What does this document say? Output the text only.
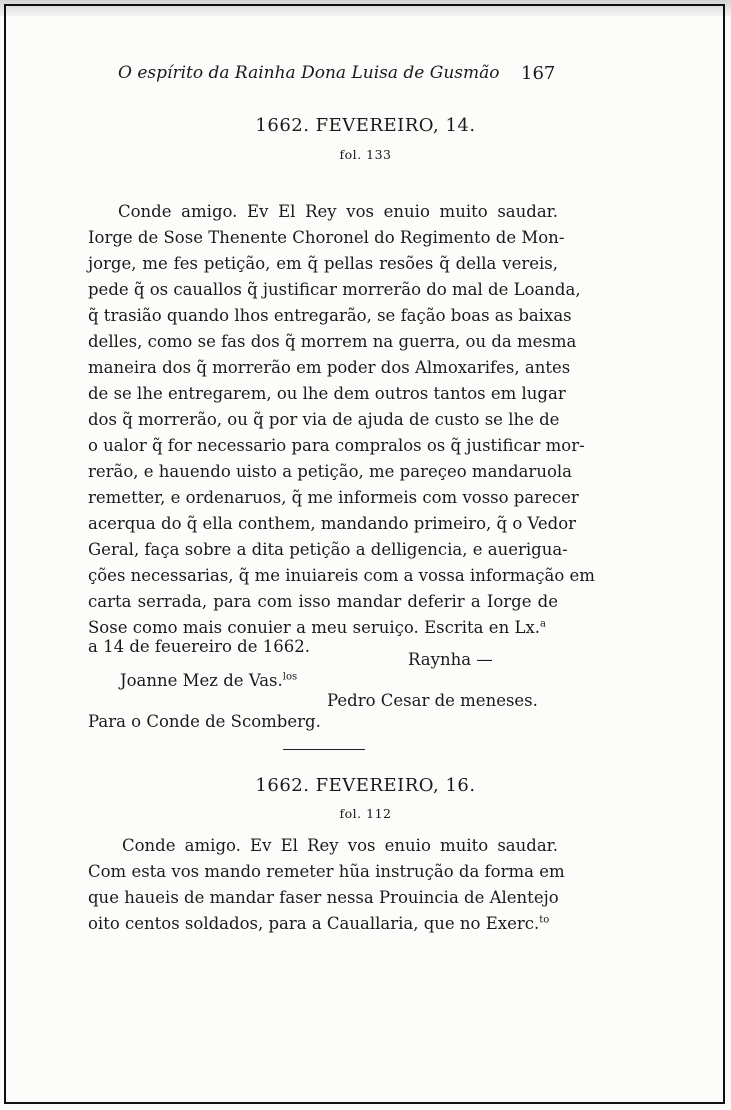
O espírito da Rainha Dona Luisa de Gusmão 167
1662. FEVEREIRO, 14.
fol. 133
Conde amigo. Ev El Rey vos enuio muito saudar.
Iorge de Sose Thenente Choronel do Regimento de Mon-
jorge, me fes petição, em q̃ pellas resões q̃ della vereis,
pede q̃ os cauallos q̃ justificar morrerão do mal de Loanda,
q̃ trasião quando lhos entregarão, se fação boas as baixas
delles, como se fas dos q̃ morrem na guerra, ou da mesma
maneira dos q̃ morrerão em poder dos Almoxarifes, antes
de se lhe entregarem, ou lhe dem outros tantos em lugar
dos q̃ morrerão, ou q̃ por via de ajuda de custo se lhe de
o ualor q̃ for necessario para compralos os q̃ justificar mor-
rerão, e hauendo uisto a petição, me pareçeo mandaruola
remetter, e ordenaruos, q̃ me informeis com vosso parecer
acerqua do q̃ ella conthem, mandando primeiro, q̃ o Vedor
Geral, faça sobre a dita petição a delligencia, e auerigua-
ções necessarias, q̃ me inuiareis com a vossa informação em
carta serrada, para com isso mandar deferir a Iorge de
Sose como mais conuier a meu seruiço. Escrita en Lx.$^a$
a 14 de feuereiro de 1662.
Raynha —
Joanne Mez de Vas.$^{los}$
Pedro Cesar de meneses.
Para o Conde de Scomberg.
1662. FEVEREIRO, 16.
fol. 112
Conde amigo. Ev El Rey vos enuio muito saudar.
Com esta vos mando remeter hũa instrução da forma em
que haueis de mandar faser nessa Prouincia de Alentejo
oito centos soldados, para a Cauallaria, que no Exerc.$^{to}$
